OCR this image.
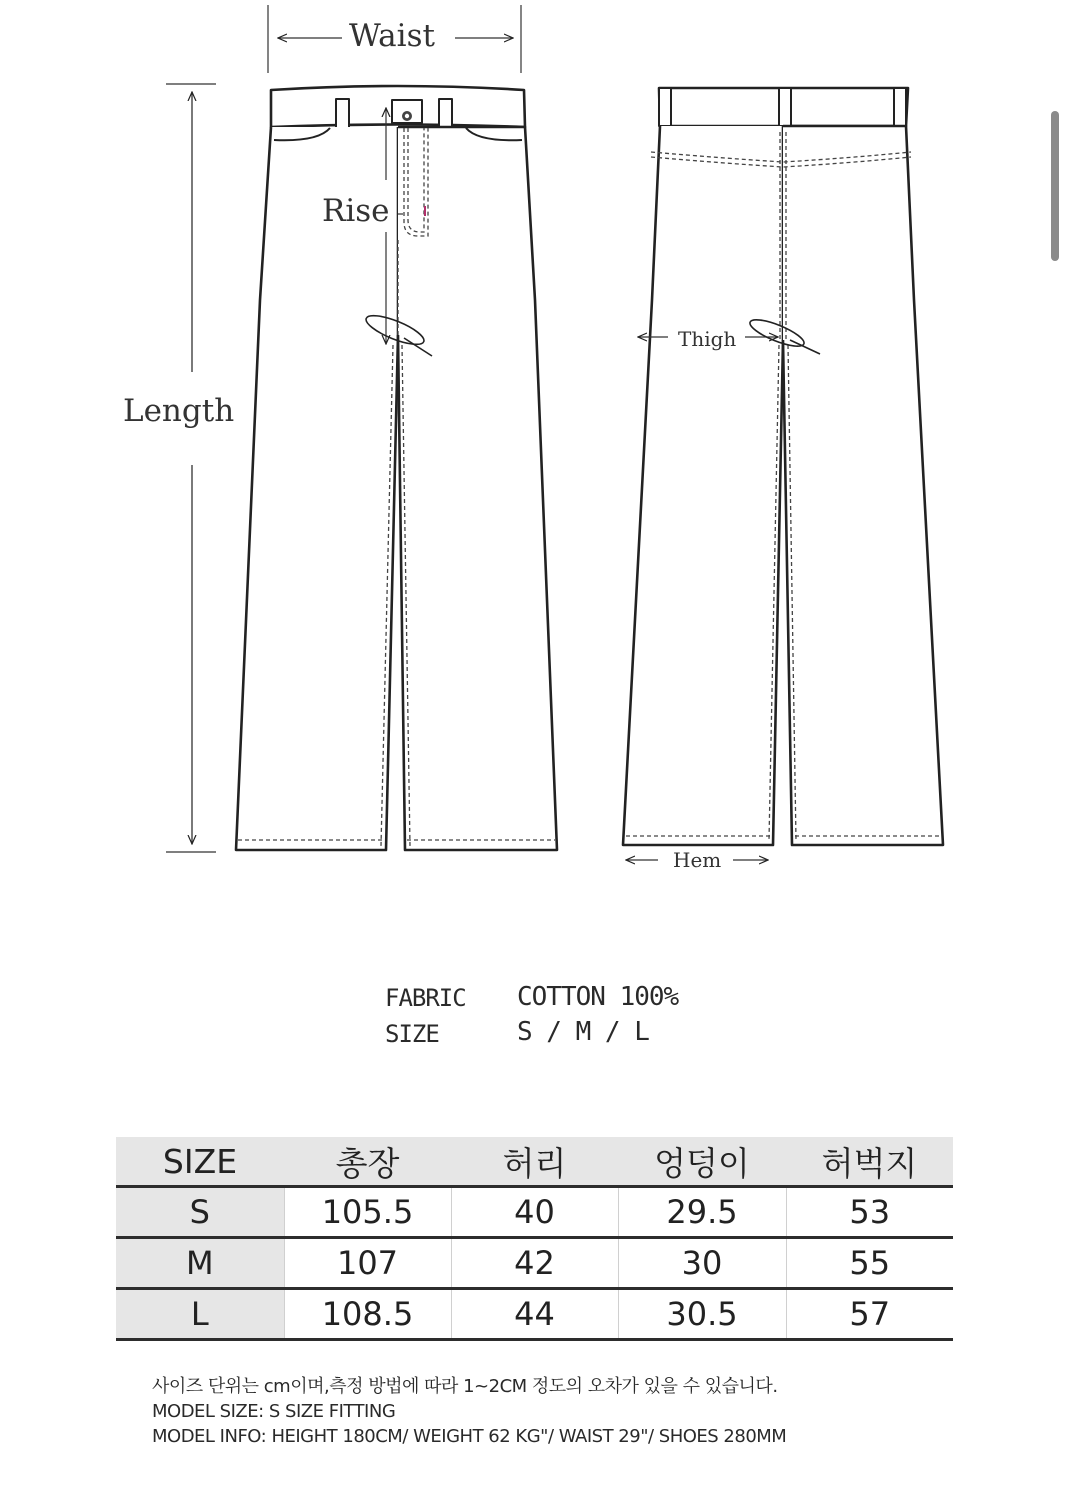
Waist
Rise
Length
Thigh
Hem
FABRIC COTTON 100%
SIZE	S / M / L
SIZE	총장	허리	엉덩이	허벅지
S	105.5	40	29.5	53
M	107	42	30	55
L	108.5	44	30.5	57
사이즈 단위는 cm이며,측정 방법에 따라 1~2CM 정도의 오차가 있을 수 있습니다.
MODEL SIZE: S SIZE FITTING
MODEL INFO: HEIGHT 180CM/ WEIGHT 62 KG"/ WAIST 29"/ SHOES 280MM
